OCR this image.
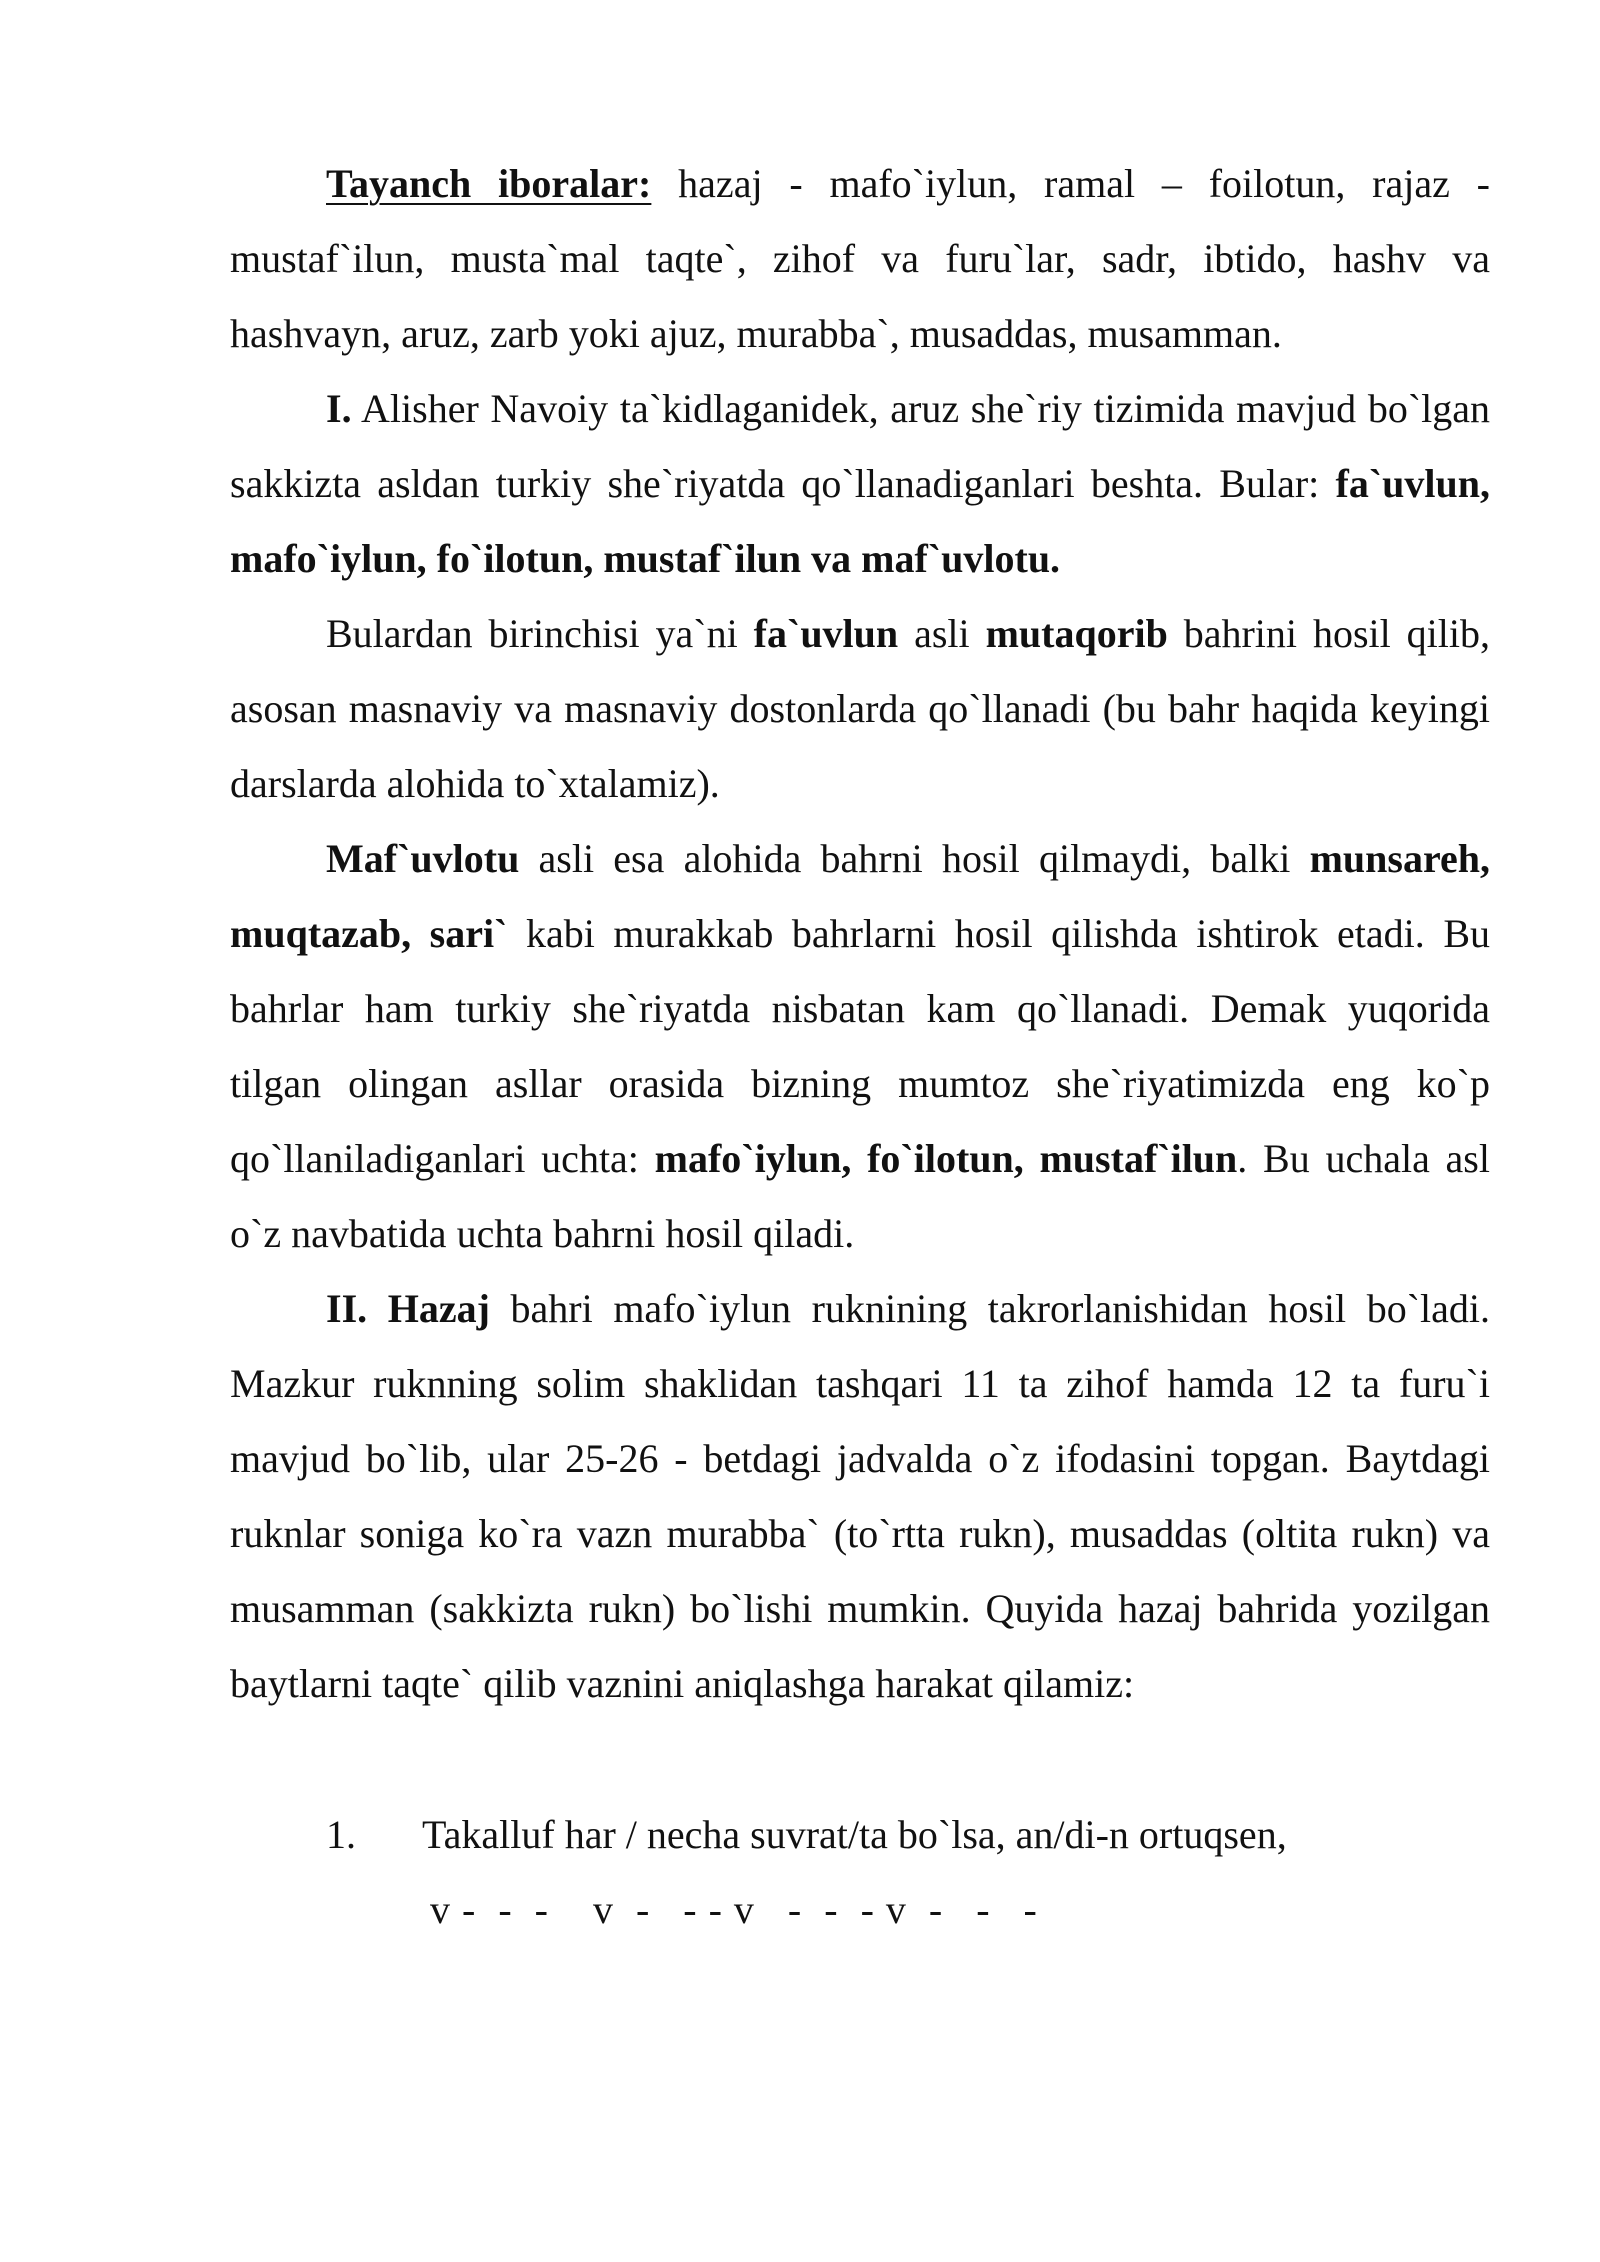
Tayanch iboralar: hazaj - mafo`iylun, ramal – foilotun, rajaz - mustaf`ilun, musta`mal taqte`, zihof va furu`lar, sadr, ibtido, hashv va hashvayn, aruz, zarb yoki ajuz, murabba`, musaddas, musamman.

I. Alisher Navoiy ta`kidlaganidek, aruz she`riy tizimida mavjud bo`lgan sakkizta asldan turkiy she`riyatda qo`llanadiganlari beshta. Bular: fa`uvlun, mafo`iylun, fo`ilotun, mustaf`ilun va maf`uvlotu.

Bulardan birinchisi ya`ni fa`uvlun asli mutaqorib bahrini hosil qilib, asosan masnaviy va masnaviy dostonlarda qo`llanadi (bu bahr haqida keyingi darslarda alohida to`xtalamiz).

Maf`uvlotu asli esa alohida bahrni hosil qilmaydi, balki munsareh, muqtazab, sari` kabi murakkab bahrlarni hosil qilishda ishtirok etadi. Bu bahrlar ham turkiy she`riyatda nisbatan kam qo`llanadi. Demak yuqorida tilgan olingan asllar orasida bizning mumtoz she`riyatimizda eng ko`p qo`llaniladiganlari uchta: mafo`iylun, fo`ilotun, mustaf`ilun. Bu uchala asl o`z navbatida uchta bahrni hosil qiladi.

II. Hazaj bahri mafo`iylun ruknining takrorlanishidan hosil bo`ladi. Mazkur ruknning solim shaklidan tashqari 11 ta zihof hamda 12 ta furu`i mavjud bo`lib, ular 25-26 - betdagi jadvalda o`z ifodasini topgan. Baytdagi ruknlar soniga ko`ra vazn murabba` (to`rtta rukn), musaddas (oltita rukn) va musamman (sakkizta rukn) bo`lishi mumkin. Quyida hazaj bahrida yozilgan baytlarni taqte` qilib vaznini aniqlashga harakat qilamiz:

1. Takalluf har / necha suvrat/ta bo`lsa, an/di-n ortuqsen,
v -  -  -    v  -   - - v   -  -  - v  -   -   -
